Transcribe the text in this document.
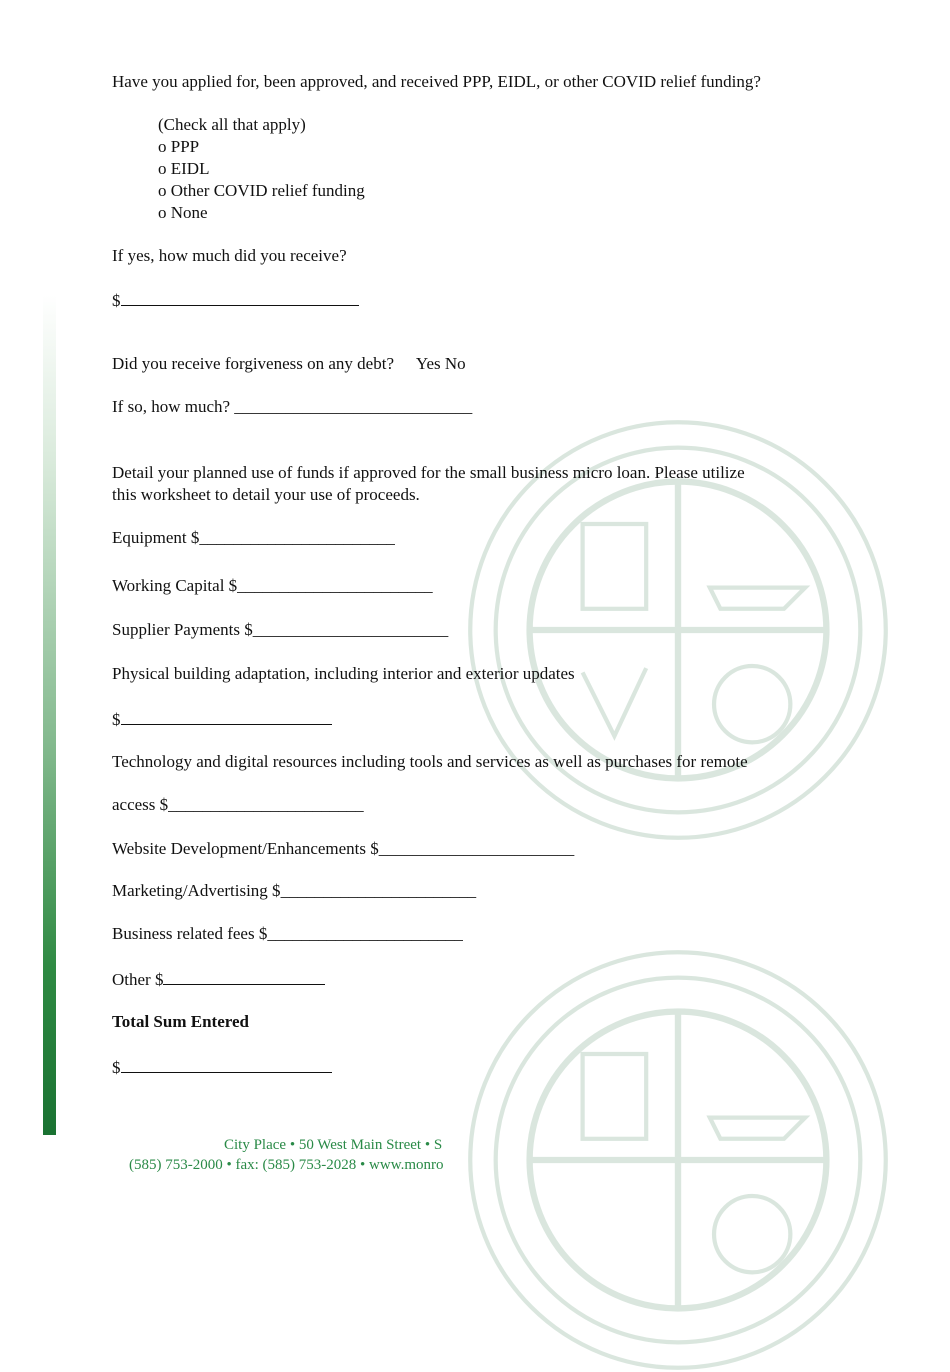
Have you applied for, been approved, and received PPP, EIDL, or other COVID relief funding?
(Check all that apply)
o PPP
o EIDL
o Other COVID relief funding
o None
If yes, how much did you receive?
$
Did you receive forgiveness on any debt? Yes No
If so, how much? ____________________________
Detail your planned use of funds if approved for the small business micro loan. Please utilize
this worksheet to detail your use of proceeds.
Equipment $_______________________
Working Capital $_______________________
Supplier Payments $_______________________
Physical building adaptation, including interior and exterior updates
$
Technology and digital resources including tools and services as well as purchases for remote
access $_______________________
Website Development/Enhancements $_______________________
Marketing/Advertising $_______________________
Business related fees $_______________________
Other $
Total Sum Entered
$
City Place • 50 West Main Street • S
(585) 753-2000 • fax: (585) 753-2028 • www.monro
